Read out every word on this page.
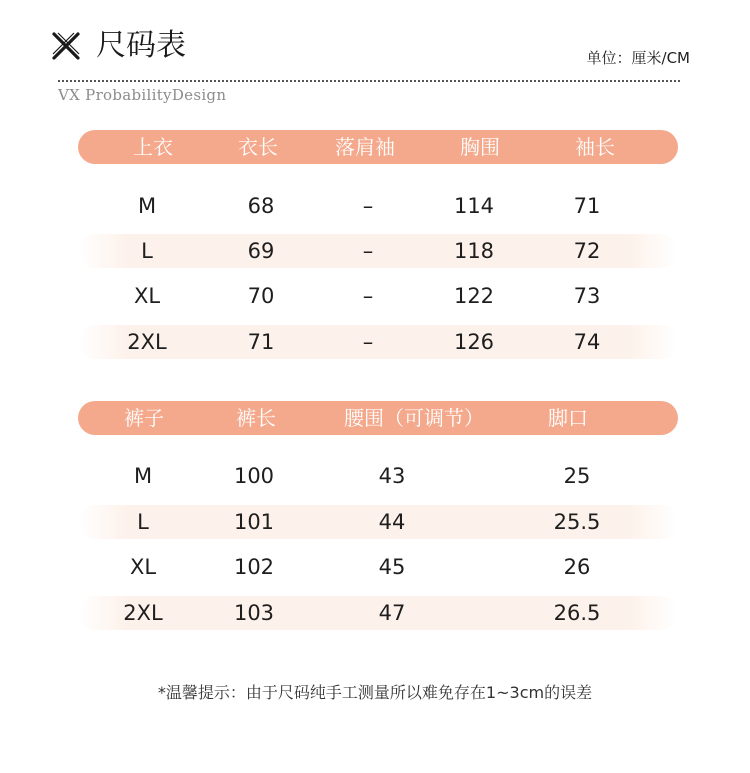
尺码表	单位：厘米/CM
VX ProbabilityDesign
上衣	衣长	落肩袖	胸围	袖长
M	68	–	114	71
L	69	–	118	72
XL	70	–	122	73
2XL	71	–	126	74
裤子	裤长	腰围（可调节）	脚口
M	100	43	25
L	101	44	25.5
XL	102	45	26
2XL	103	47	26.5
*温馨提示：由于尺码纯手工测量所以难免存在1~3cm的误差
